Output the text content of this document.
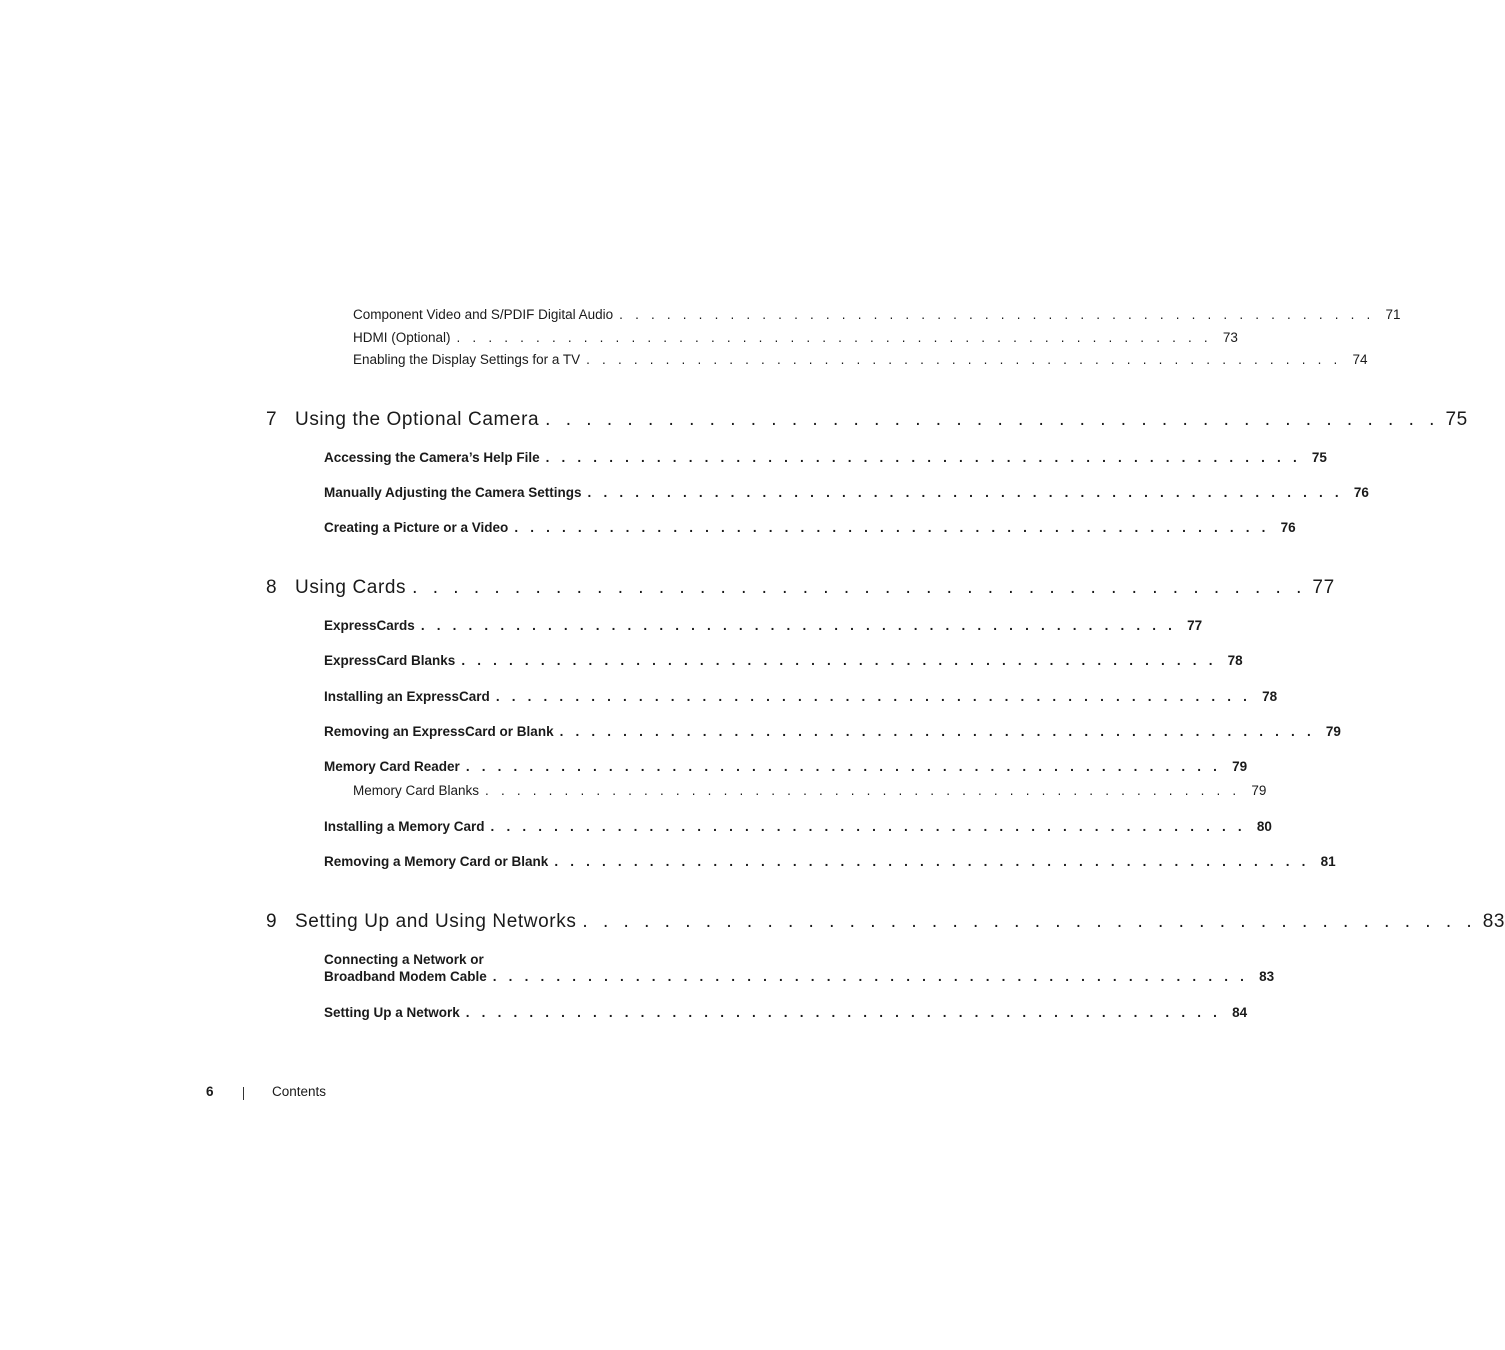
Component Video and S/PDIF Digital Audio . . . . . . . . . . . . . . . . . . . . . . . . . . . . . . . . . . . . . . . . . . . . . . . . 71
HDMI (Optional) . . . . . . . . . . . . . . . . . . . . . . . . . . . . . . . . . . . . . . . . . . . . . . . . 73
Enabling the Display Settings for a TV . . . . . . . . . . . . . . . . . . . . . . . . . . . . . . . . . . . . . . . . . . . . . . . . 74
7 Using the Optional Camera . . . . . . . . . . . . . . . . . . . . . . . . . . . . . . . . . . . . . . . . . . . . 75
Accessing the Camera’s Help File . . . . . . . . . . . . . . . . . . . . . . . . . . . . . . . . . . . . . . . . . . . . . . . . 75
Manually Adjusting the Camera Settings . . . . . . . . . . . . . . . . . . . . . . . . . . . . . . . . . . . . . . . . . . . . . . . . 76
Creating a Picture or a Video . . . . . . . . . . . . . . . . . . . . . . . . . . . . . . . . . . . . . . . . . . . . . . . . 76
8 Using Cards . . . . . . . . . . . . . . . . . . . . . . . . . . . . . . . . . . . . . . . . . . . . 77
ExpressCards . . . . . . . . . . . . . . . . . . . . . . . . . . . . . . . . . . . . . . . . . . . . . . . . 77
ExpressCard Blanks . . . . . . . . . . . . . . . . . . . . . . . . . . . . . . . . . . . . . . . . . . . . . . . . 78
Installing an ExpressCard . . . . . . . . . . . . . . . . . . . . . . . . . . . . . . . . . . . . . . . . . . . . . . . . 78
Removing an ExpressCard or Blank . . . . . . . . . . . . . . . . . . . . . . . . . . . . . . . . . . . . . . . . . . . . . . . . 79
Memory Card Reader . . . . . . . . . . . . . . . . . . . . . . . . . . . . . . . . . . . . . . . . . . . . . . . . 79
Memory Card Blanks . . . . . . . . . . . . . . . . . . . . . . . . . . . . . . . . . . . . . . . . . . . . . . . . 79
Installing a Memory Card . . . . . . . . . . . . . . . . . . . . . . . . . . . . . . . . . . . . . . . . . . . . . . . . 80
Removing a Memory Card or Blank . . . . . . . . . . . . . . . . . . . . . . . . . . . . . . . . . . . . . . . . . . . . . . . . 81
9 Setting Up and Using Networks . . . . . . . . . . . . . . . . . . . . . . . . . . . . . . . . . . . . . . . . . . . . 83
Connecting a Network or
Broadband Modem Cable . . . . . . . . . . . . . . . . . . . . . . . . . . . . . . . . . . . . . . . . . . . . . . . . 83
Setting Up a Network . . . . . . . . . . . . . . . . . . . . . . . . . . . . . . . . . . . . . . . . . . . . . . . . 84
6	Contents
